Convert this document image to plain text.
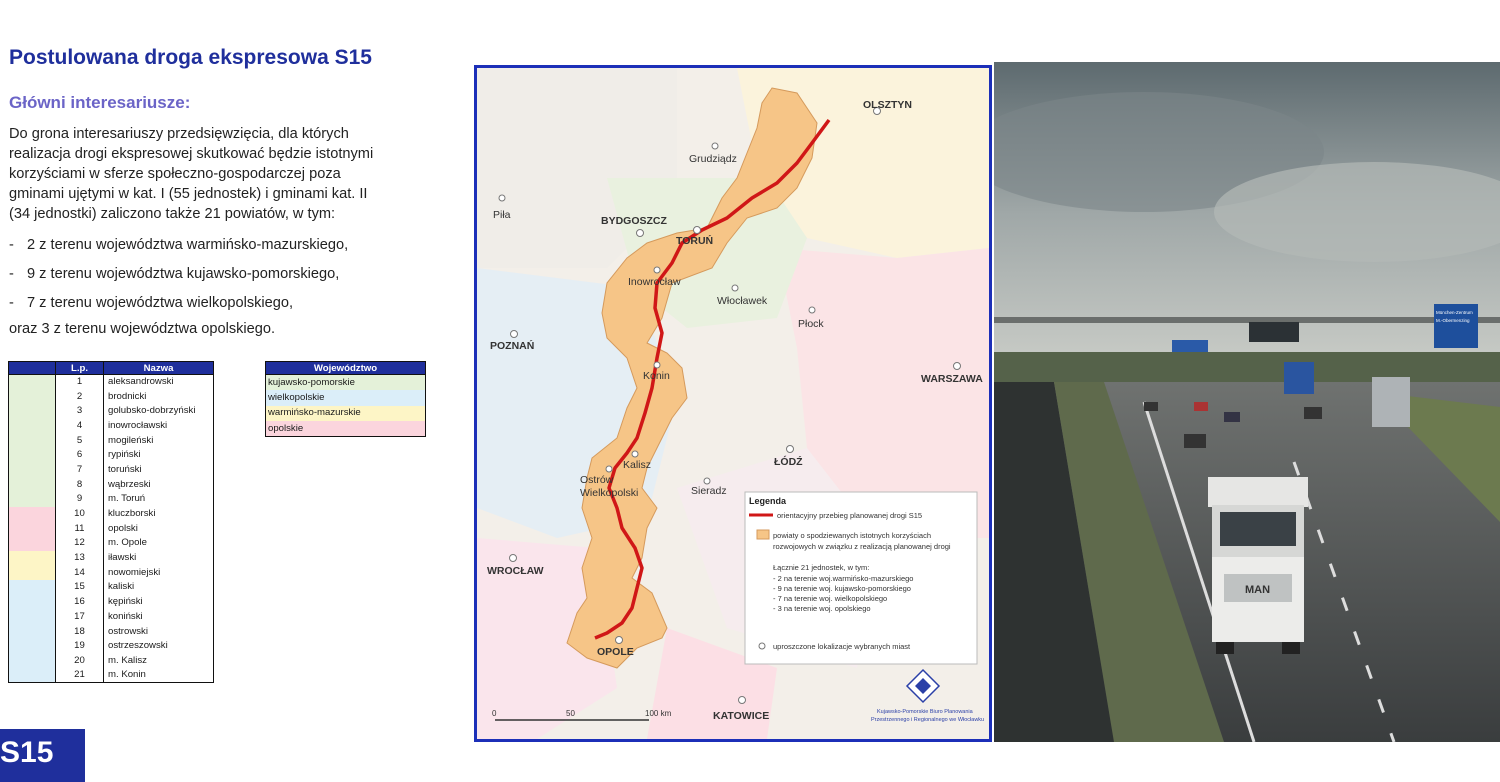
Postulowana droga ekspresowa S15
Główni interesariusze:
Do grona interesariuszy przedsięwzięcia, dla których
realizacja drogi ekspresowej skutkować będzie istotnymi
korzyściami w sferze społeczno-gospodarczej poza
gminami ujętymi w kat. I (55 jednostek) i gminami kat. II
(34 jednostki) zaliczono także 21 powiatów, w tym:
- 2 z terenu województwa warmińsko-mazurskiego,
- 9 z terenu województwa kujawsko-pomorskiego,
- 7 z terenu województwa wielkopolskiego,
oraz 3 z terenu województwa opolskiego.
	L.p.	Nazwa
	1	aleksandrowski
	2	brodnicki
	3	golubsko-dobrzyński
	4	inowrocławski
	5	mogileński
	6	rypiński
	7	toruński
	8	wąbrzeski
	9	m. Toruń
	10	kluczborski
	11	opolski
	12	m. Opole
	13	iławski
	14	nowomiejski
	15	kaliski
	16	kępiński
	17	koniński
	18	ostrowski
	19	ostrzeszowski
	20	m. Kalisz
	21	m. Konin
Województwo
kujawsko-pomorskie
wielkopolskie
warmińsko-mazurskie
opolskie
S15
OLSZTYN
Grudziądz
Piła	BYDGOSZCZ
TORUŃ
Inowrocław
Włocławek
Płock
POZNAŃ
Konin	WARSZAWA
ŁÓDŹ
Kalisz
Ostrów
Wielkopolski	Sieradz
WROCŁAW
OPOLE
KATOWICE
Legenda
orientacyjny przebieg planowanej drogi S15
powiaty o spodziewanych istotnych korzyściach
rozwojowych w związku z realizacją planowanej drogi
Łącznie 21 jednostek, w tym:
- 2 na terenie woj.warmińsko-mazurskiego
- 9 na terenie woj. kujawsko-pomorskiego
- 7 na terenie woj. wielkopolskiego
- 3 na terenie woj. opolskiego
uproszczone lokalizacje wybranych miast
0	50	100 km	Kujawsko-Pomorskie Biuro Planowania
Przestrzennego i Regionalnego we Włocławku
München-Zentrum
M.-Obermenzing
MAN
